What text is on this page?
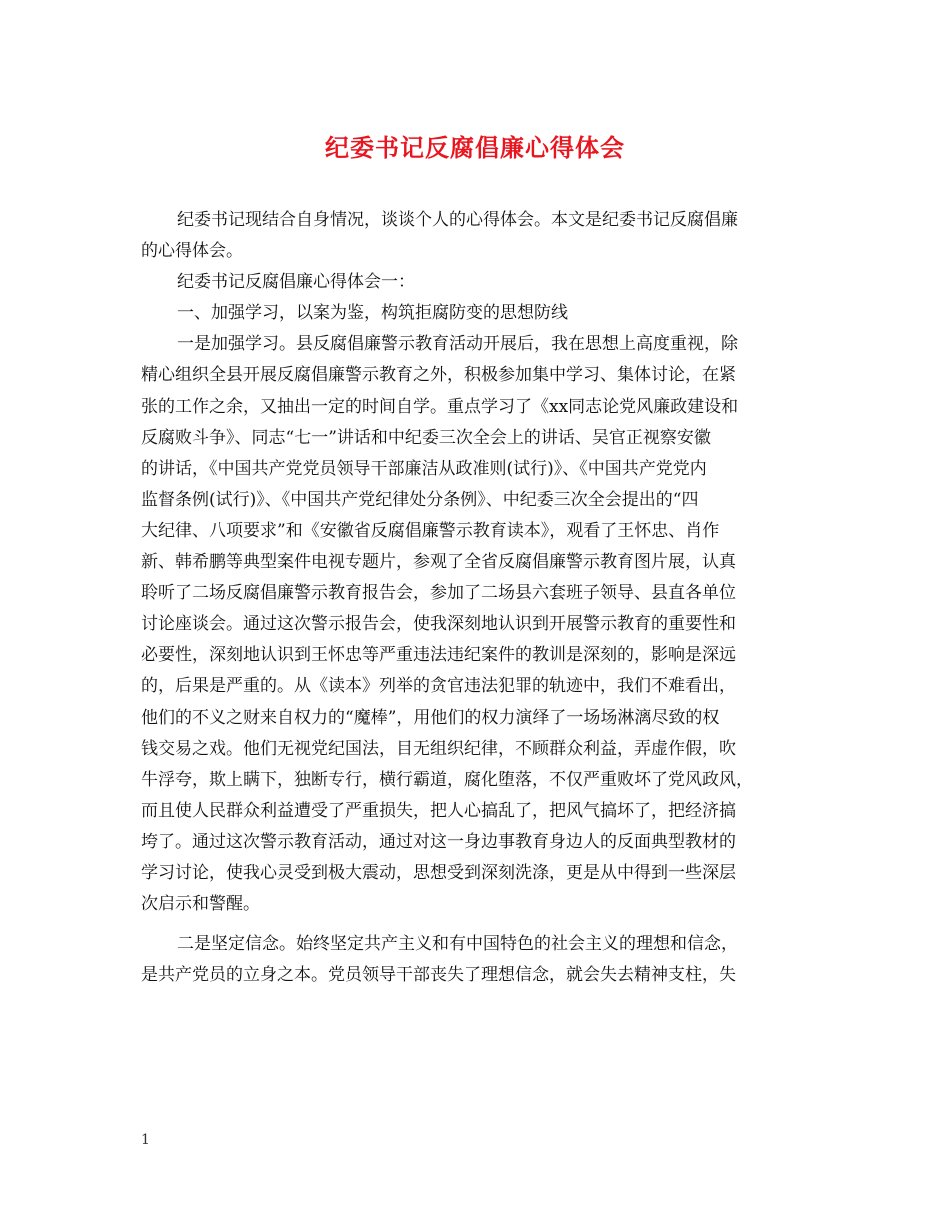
纪委书记反腐倡廉心得体会
纪委书记现结合自身情况，谈谈个人的心得体会。本文是纪委书记反腐倡廉
的心得体会。
纪委书记反腐倡廉心得体会一：
一、加强学习，以案为鉴，构筑拒腐防变的思想防线
一是加强学习。县反腐倡廉警示教育活动开展后，我在思想上高度重视，除
精心组织全县开展反腐倡廉警示教育之外，积极参加集中学习、集体讨论，在紧
张的工作之余，又抽出一定的时间自学。重点学习了《xx同志论党风廉政建设和
反腐败斗争》、同志“七一”讲话和中纪委三次全会上的讲话、吴官正视察安徽
的讲话，《中国共产党党员领导干部廉洁从政准则(试行)》、《中国共产党党内
监督条例(试行)》、《中国共产党纪律处分条例》、中纪委三次全会提出的“四
大纪律、八项要求”和《安徽省反腐倡廉警示教育读本》，观看了王怀忠、肖作
新、韩希鹏等典型案件电视专题片，参观了全省反腐倡廉警示教育图片展，认真
聆听了二场反腐倡廉警示教育报告会，参加了二场县六套班子领导、县直各单位
讨论座谈会。通过这次警示报告会，使我深刻地认识到开展警示教育的重要性和
必要性，深刻地认识到王怀忠等严重违法违纪案件的教训是深刻的，影响是深远
的，后果是严重的。从《读本》列举的贪官违法犯罪的轨迹中，我们不难看出，
他们的不义之财来自权力的“魔棒”，用他们的权力演绎了一场场淋漓尽致的权
钱交易之戏。他们无视党纪国法，目无组织纪律，不顾群众利益，弄虚作假，吹
牛浮夸，欺上瞒下，独断专行，横行霸道，腐化堕落，不仅严重败坏了党风政风，
而且使人民群众利益遭受了严重损失，把人心搞乱了，把风气搞坏了，把经济搞
垮了。通过这次警示教育活动，通过对这一身边事教育身边人的反面典型教材的
学习讨论，使我心灵受到极大震动，思想受到深刻洗涤，更是从中得到一些深层
次启示和警醒。
二是坚定信念。始终坚定共产主义和有中国特色的社会主义的理想和信念，
是共产党员的立身之本。党员领导干部丧失了理想信念，就会失去精神支柱，失
1
